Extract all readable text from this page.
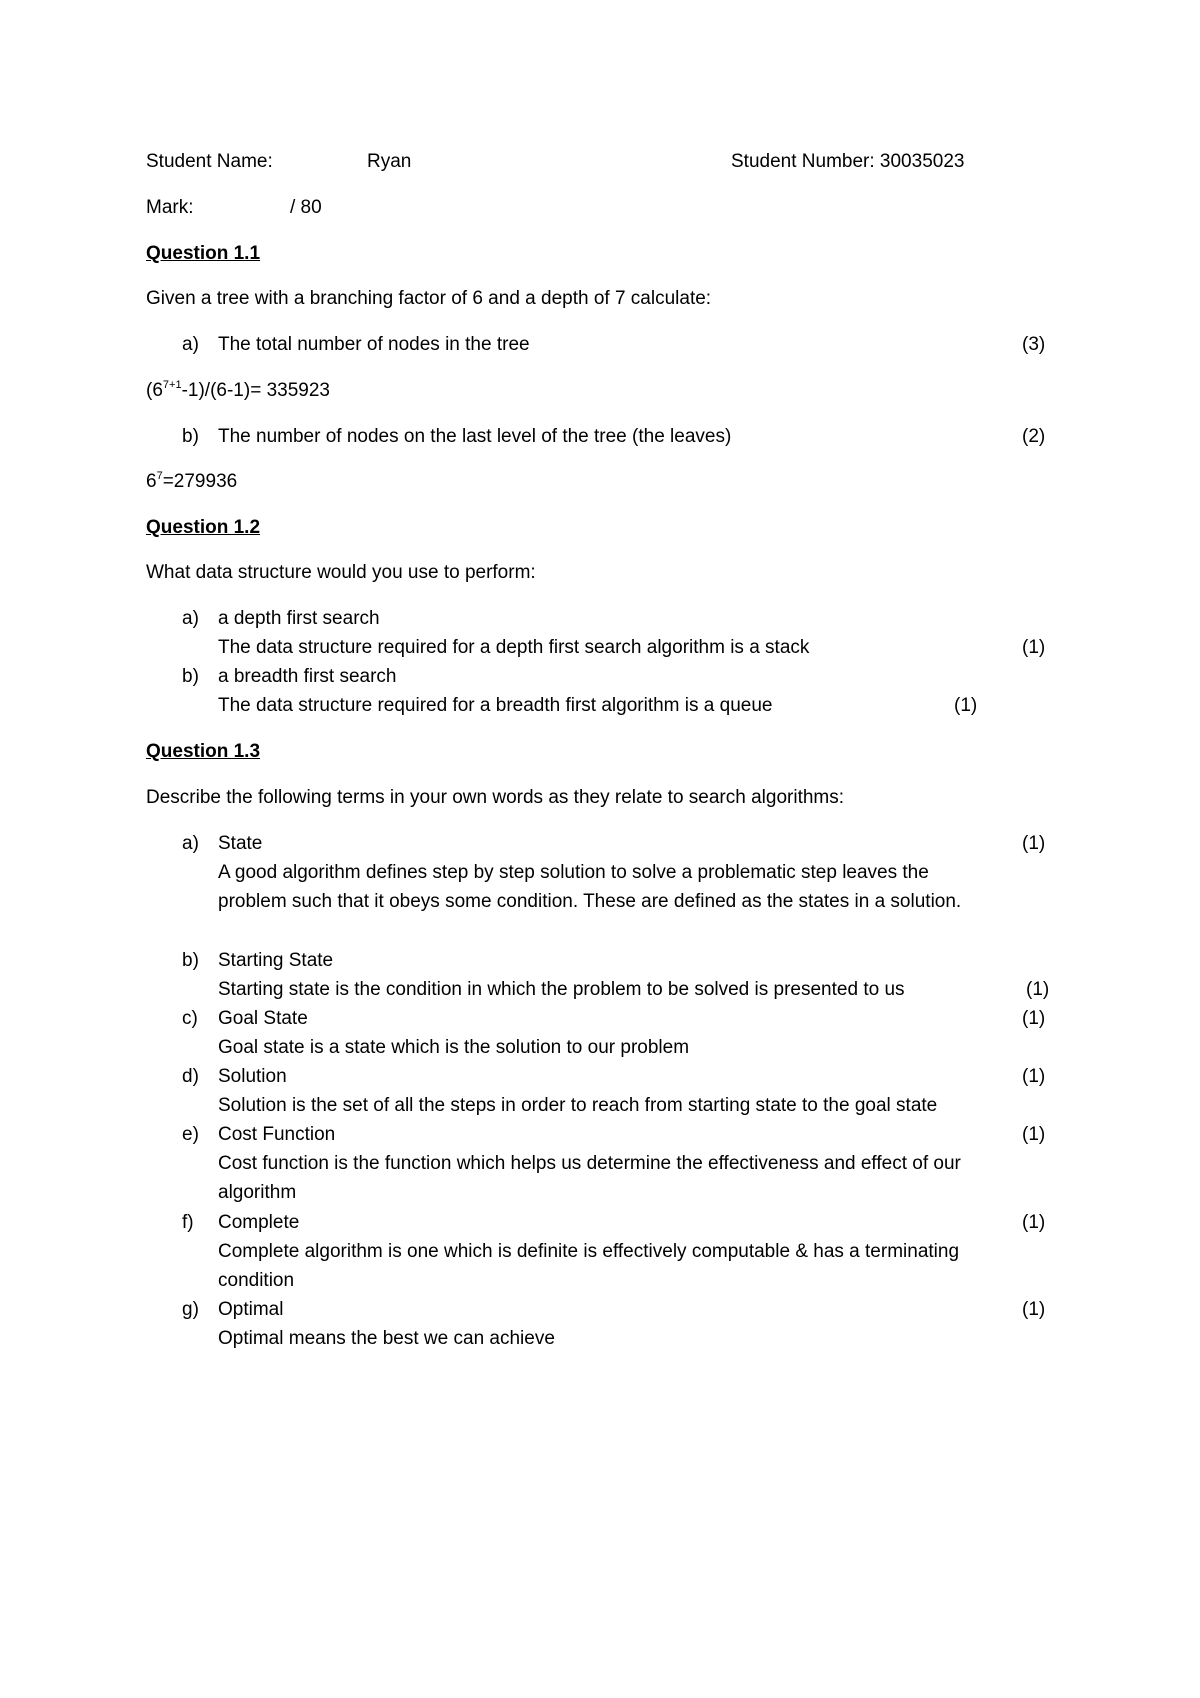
Student Name:	Ryan	Student Number: 30035023
Mark:	/ 80
Question 1.1
Given a tree with a branching factor of 6 and a depth of 7 calculate:
a) The total number of nodes in the tree	(3)
$(6^{7+1}-1)/(6-1)= 335923$
b) The number of nodes on the last level of the tree (the leaves)	(2)
$6^7=279936$
Question 1.2
What data structure would you use to perform:
a) a depth first search
The data structure required for a depth first search algorithm is a stack	(1)
b) a breadth first search
The data structure required for a breadth first algorithm is a queue	(1)
Question 1.3
Describe the following terms in your own words as they relate to search algorithms:
a) State	(1)
A good algorithm defines step by step solution to solve a problematic step leaves the
problem such that it obeys some condition. These are defined as the states in a solution.
b) Starting State
Starting state is the condition in which the problem to be solved is presented to us	(1)
c) Goal State	(1)
Goal state is a state which is the solution to our problem
d) Solution	(1)
Solution is the set of all the steps in order to reach from starting state to the goal state
e) Cost Function	(1)
Cost function is the function which helps us determine the effectiveness and effect of our
algorithm
f) Complete	(1)
Complete algorithm is one which is definite is effectively computable & has a terminating
condition
g) Optimal	(1)
Optimal means the best we can achieve
